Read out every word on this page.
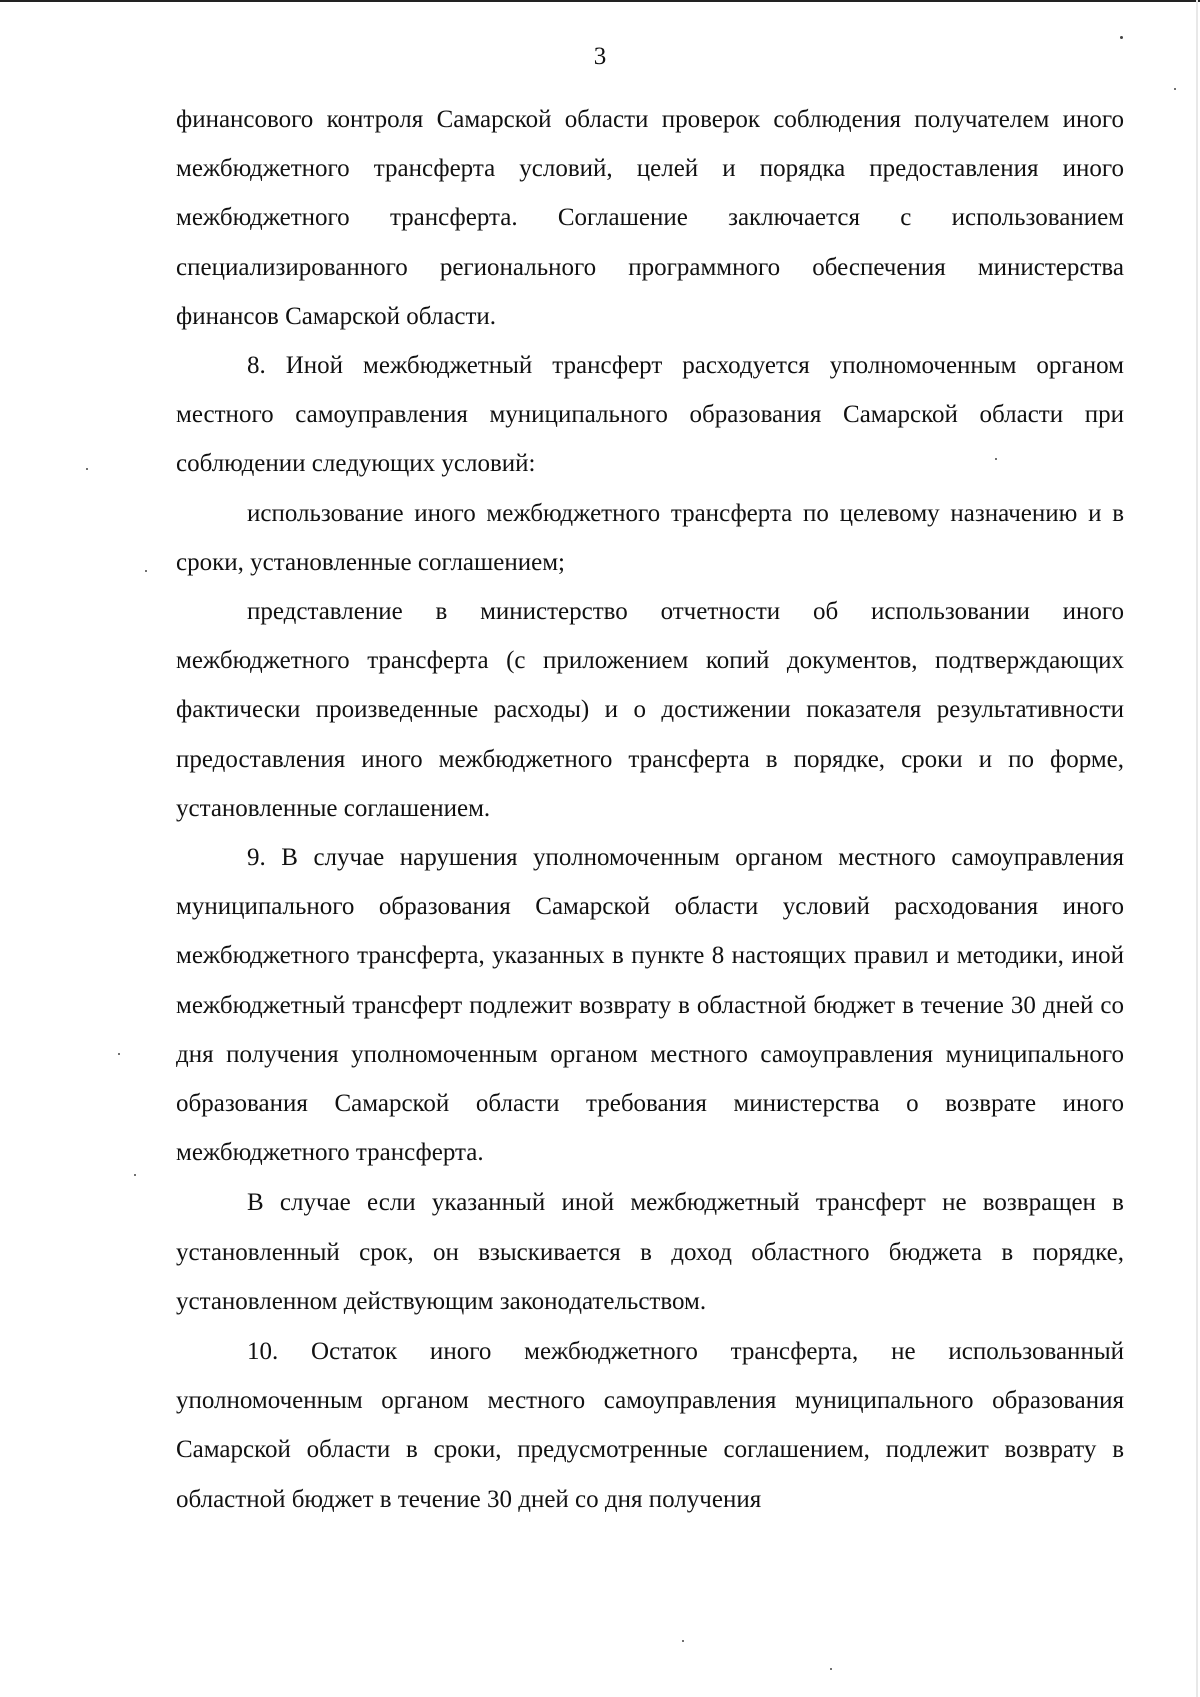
3

финансового контроля Самарской области проверок соблюдения получателем иного межбюджетного трансферта условий, целей и порядка предоставления иного межбюджетного трансферта. Соглашение заключается с использованием специализированного регионального программного обеспечения министерства финансов Самарской области.

8. Иной межбюджетный трансферт расходуется уполномоченным органом местного самоуправления муниципального образования Самарской области при соблюдении следующих условий:

использование иного межбюджетного трансферта по целевому назначению и в сроки, установленные соглашением;

представление в министерство отчетности об использовании иного межбюджетного трансферта (с приложением копий документов, подтверждающих фактически произведенные расходы) и о достижении показателя результативности предоставления иного межбюджетного трансферта в порядке, сроки и по форме, установленные соглашением.

9. В случае нарушения уполномоченным органом местного самоуправления муниципального образования Самарской области условий расходования иного межбюджетного трансферта, указанных в пункте 8 настоящих правил и методики, иной межбюджетный трансферт подлежит возврату в областной бюджет в течение 30 дней со дня получения уполномоченным органом местного самоуправления муниципального образования Самарской области требования министерства о возврате иного межбюджетного трансферта.

В случае если указанный иной межбюджетный трансферт не возвращен в установленный срок, он взыскивается в доход областного бюджета в порядке, установленном действующим законодательством.

10. Остаток иного межбюджетного трансферта, не использованный уполномоченным органом местного самоуправления муниципального образования Самарской области в сроки, предусмотренные соглашением, подлежит возврату в областной бюджет в течение 30 дней со дня получения
